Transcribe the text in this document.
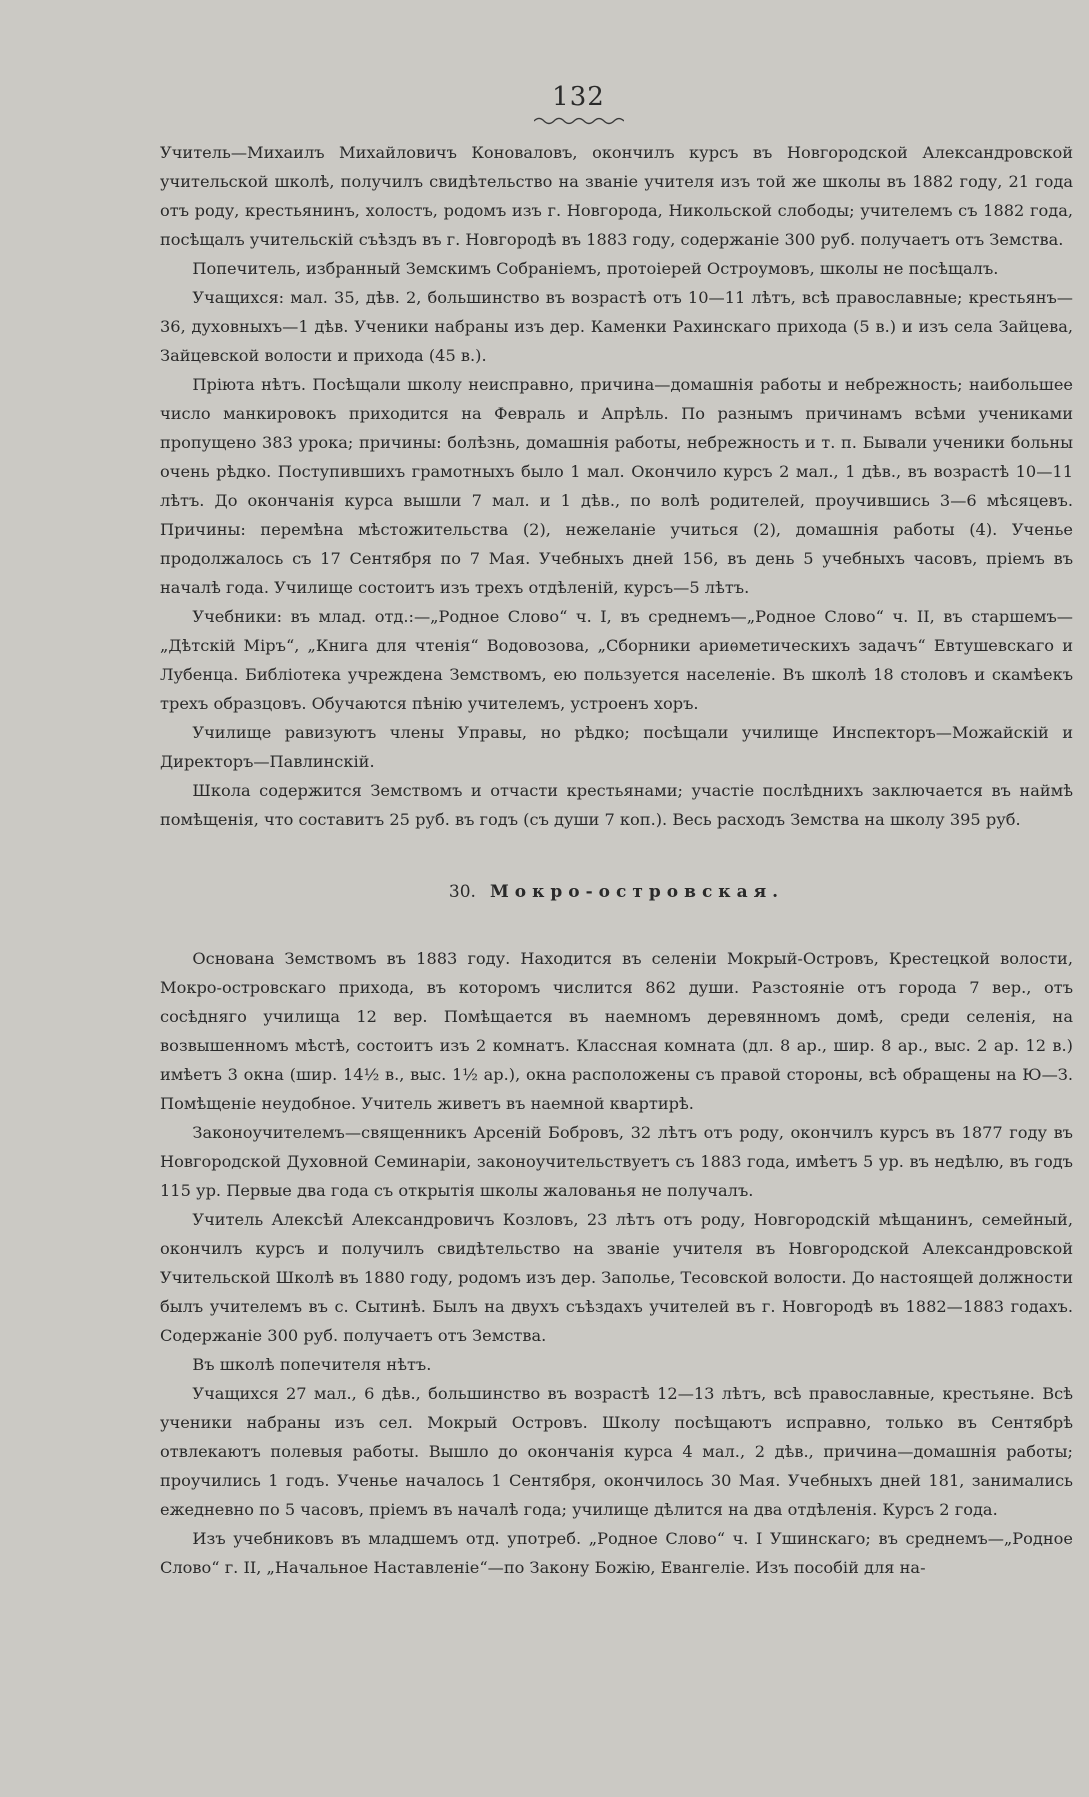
132

Учитель—Михаилъ Михайловичъ Коноваловъ, окончилъ курсъ въ Новгородской Александровской учительской школѣ, получилъ свидѣтельство на званіе учителя изъ той же школы въ 1882 году, 21 года отъ роду, крестьянинъ, холостъ, родомъ изъ г. Новгорода, Никольской слободы; учителемъ съ 1882 года, посѣщалъ учительскій съѣздъ въ г. Новгородѣ въ 1883 году, содержаніе 300 руб. получаетъ отъ Земства.

Попечитель, избранный Земскимъ Собраніемъ, протоіерей Остроумовъ, школы не посѣщалъ.

Учащихся: мал. 35, дѣв. 2, большинство въ возрастѣ отъ 10—11 лѣтъ, всѣ православные; крестьянъ—36, духовныхъ—1 дѣв. Ученики набраны изъ дер. Каменки Рахинскаго прихода (5 в.) и изъ села Зайцева, Зайцевской волости и прихода (45 в.).

Пріюта нѣтъ. Посѣщали школу неисправно, причина—домашнія работы и небрежность; наибольшее число манкировокъ приходится на Февраль и Апрѣль. По разнымъ причинамъ всѣми учениками пропущено 383 урока; причины: болѣзнь, домашнія работы, небрежность и т. п. Бывали ученики больны очень рѣдко. Поступившихъ грамотныхъ было 1 мал. Окончило курсъ 2 мал., 1 дѣв., въ возрастѣ 10—11 лѣтъ. До окончанія курса вышли 7 мал. и 1 дѣв., по волѣ родителей, проучившись 3—6 мѣсяцевъ. Причины: перемѣна мѣстожительства (2), нежеланіе учиться (2), домашнія работы (4). Ученье продолжалось съ 17 Сентября по 7 Мая. Учебныхъ дней 156, въ день 5 учебныхъ часовъ, пріемъ въ началѣ года. Училище состоитъ изъ трехъ отдѣленій, курсъ—5 лѣтъ.

Учебники: въ млад. отд.:—„Родное Слово“ ч. I, въ среднемъ—„Родное Слово“ ч. II, въ старшемъ—„Дѣтскій Міръ“, „Книга для чтенія“ Водовозова, „Сборники ариѳметическихъ задачъ“ Евтушевскаго и Лубенца. Библіотека учреждена Земствомъ, ею пользуется населеніе. Въ школѣ 18 столовъ и скамѣекъ трехъ образцовъ. Обучаются пѣнію учителемъ, устроенъ хоръ.

Училище равизуютъ члены Управы, но рѣдко; посѣщали училище Инспекторъ—Можайскій и Директоръ—Павлинскій.

Школа содержится Земствомъ и отчасти крестьянами; участіе послѣднихъ заключается въ наймѣ помѣщенія, что составитъ 25 руб. въ годъ (съ души 7 коп.). Весь расходъ Земства на школу 395 руб.

30. Мокро-островская.

Основана Земствомъ въ 1883 году. Находится въ селеніи Мокрый-Островъ, Крестецкой волости, Мокро-островскаго прихода, въ которомъ числится 862 души. Разстояніе отъ города 7 вер., отъ сосѣдняго училища 12 вер. Помѣщается въ наемномъ деревянномъ домѣ, среди селенія, на возвышенномъ мѣстѣ, состоитъ изъ 2 комнатъ. Классная комната (дл. 8 ар., шир. 8 ар., выс. 2 ар. 12 в.) имѣетъ 3 окна (шир. 14½ в., выс. 1½ ар.), окна расположены съ правой стороны, всѣ обращены на Ю—З. Помѣщеніе неудобное. Учитель живетъ въ наемной квартирѣ.

Законоучителемъ—священникъ Арсеній Бобровъ, 32 лѣтъ отъ роду, окончилъ курсъ въ 1877 году въ Новгородской Духовной Семинаріи, законоучительствуетъ съ 1883 года, имѣетъ 5 ур. въ недѣлю, въ годъ 115 ур. Первые два года съ открытія школы жалованья не получалъ.

Учитель Алексѣй Александровичъ Козловъ, 23 лѣтъ отъ роду, Новгородскій мѣщанинъ, семейный, окончилъ курсъ и получилъ свидѣтельство на званіе учителя въ Новгородской Александровской Учительской Школѣ въ 1880 году, родомъ изъ дер. Заполье, Тесовской волости. До настоящей должности былъ учителемъ въ с. Сытинѣ. Былъ на двухъ съѣздахъ учителей въ г. Новгородѣ въ 1882—1883 годахъ. Содержаніе 300 руб. получаетъ отъ Земства.

Въ школѣ попечителя нѣтъ.

Учащихся 27 мал., 6 дѣв., большинство въ возрастѣ 12—13 лѣтъ, всѣ православные, крестьяне. Всѣ ученики набраны изъ сел. Мокрый Островъ. Школу посѣщаютъ исправно, только въ Сентябрѣ отвлекаютъ полевыя работы. Вышло до окончанія курса 4 мал., 2 дѣв., причина—домашнія работы; проучились 1 годъ. Ученье началось 1 Сентября, окончилось 30 Мая. Учебныхъ дней 181, занимались ежедневно по 5 часовъ, пріемъ въ началѣ года; училище дѣлится на два отдѣленія. Курсъ 2 года.

Изъ учебниковъ въ младшемъ отд. употреб. „Родное Слово“ ч. I Ушинскаго; въ среднемъ—„Родное Слово“ г. II, „Начальное Наставленіе“—по Закону Божію, Евангеліе. Изъ пособій для на-
